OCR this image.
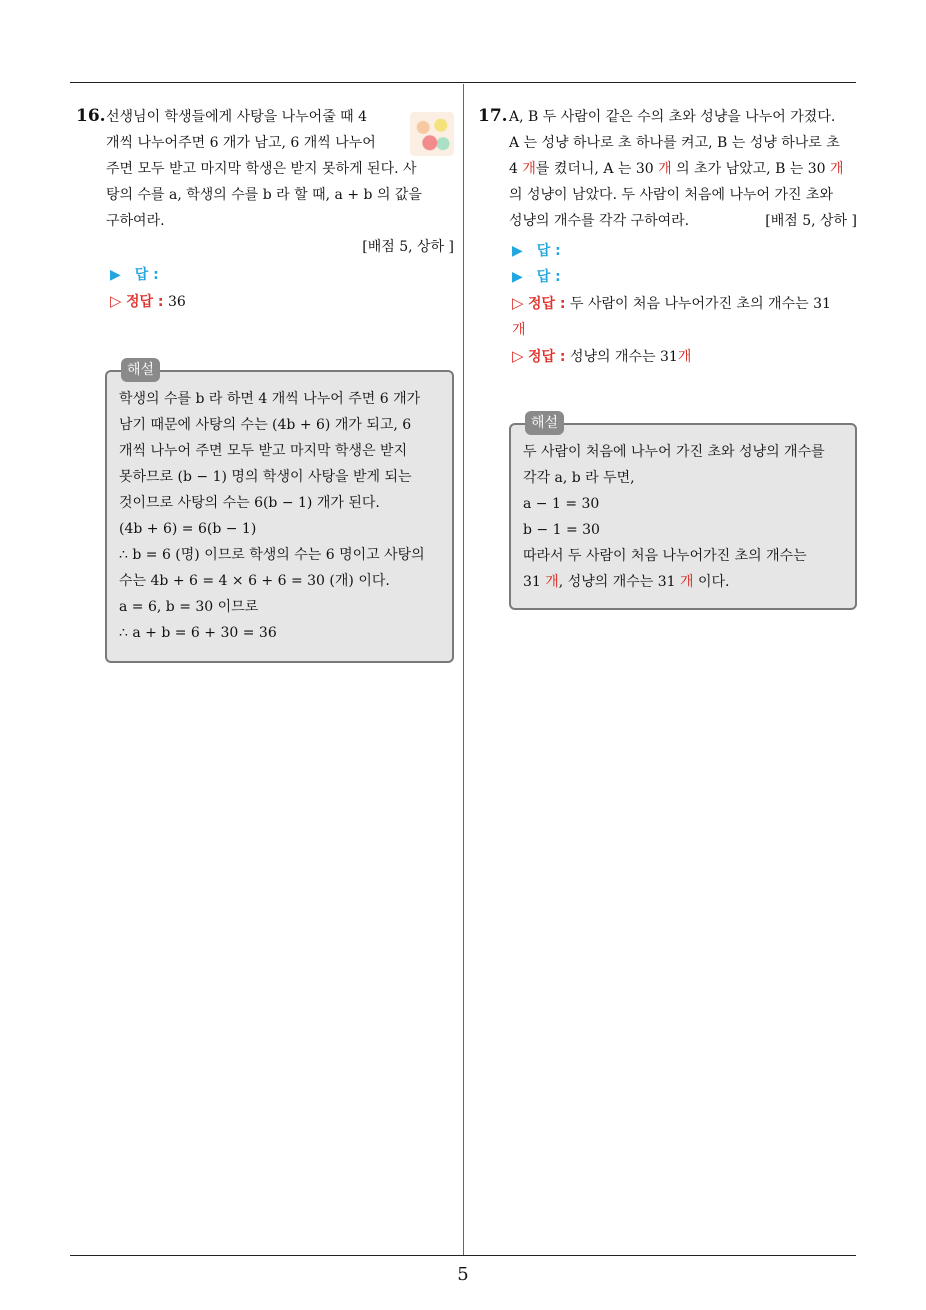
5
16. 선생님이 학생들에게 사탕을 나누어줄 때 4

개씩 나누어주면 6 개가 남고, 6 개씩 나누어

주면 모두 받고 마지막 학생은 받지 못하게 된다. 사

탕의 수를 a, 학생의 수를 b 라 할 때, a + b 의 값을

구하여라.

[배점 5, 상하 ]

▶ 답 :
▷ 정답 : 36
해설

학생의 수를 b 라 하면 4 개씩 나누어 주면 6 개가

남기 때문에 사탕의 수는 (4b + 6) 개가 되고, 6

개씩 나누어 주면 모두 받고 마지막 학생은 받지

못하므로 (b − 1) 명의 학생이 사탕을 받게 되는

것이므로 사탕의 수는 6(b − 1) 개가 된다.

(4b + 6) = 6(b − 1)

∴ b = 6 (명) 이므로 학생의 수는 6 명이고 사탕의

수는 4b + 6 = 4 × 6 + 6 = 30 (개) 이다.

a = 6, b = 30 이므로

∴ a + b = 6 + 30 = 36

17. A, B 두 사람이 같은 수의 초와 성냥을 나누어 가졌다.

A 는 성냥 하나로 초 하나를 켜고, B 는 성냥 하나로 초

4 개를 켰더니, A 는 30 개 의 초가 남았고, B 는 30 개

의 성냥이 남았다. 두 사람이 처음에 나누어 가진 초와

성냥의 개수를 각각 구하여라.	[배점 5, 상하 ]

▶ 답 :
▶ 답 :
▷ 정답 : 두 사람이 처음 나누어가진 초의 개수는 31
개
▷ 정답 : 성냥의 개수는 31개
해설

두 사람이 처음에 나누어 가진 초와 성냥의 개수를

각각 a, b 라 두면,

a − 1 = 30

b − 1 = 30

따라서 두 사람이 처음 나누어가진 초의 개수는

31 개, 성냥의 개수는 31 개 이다.
